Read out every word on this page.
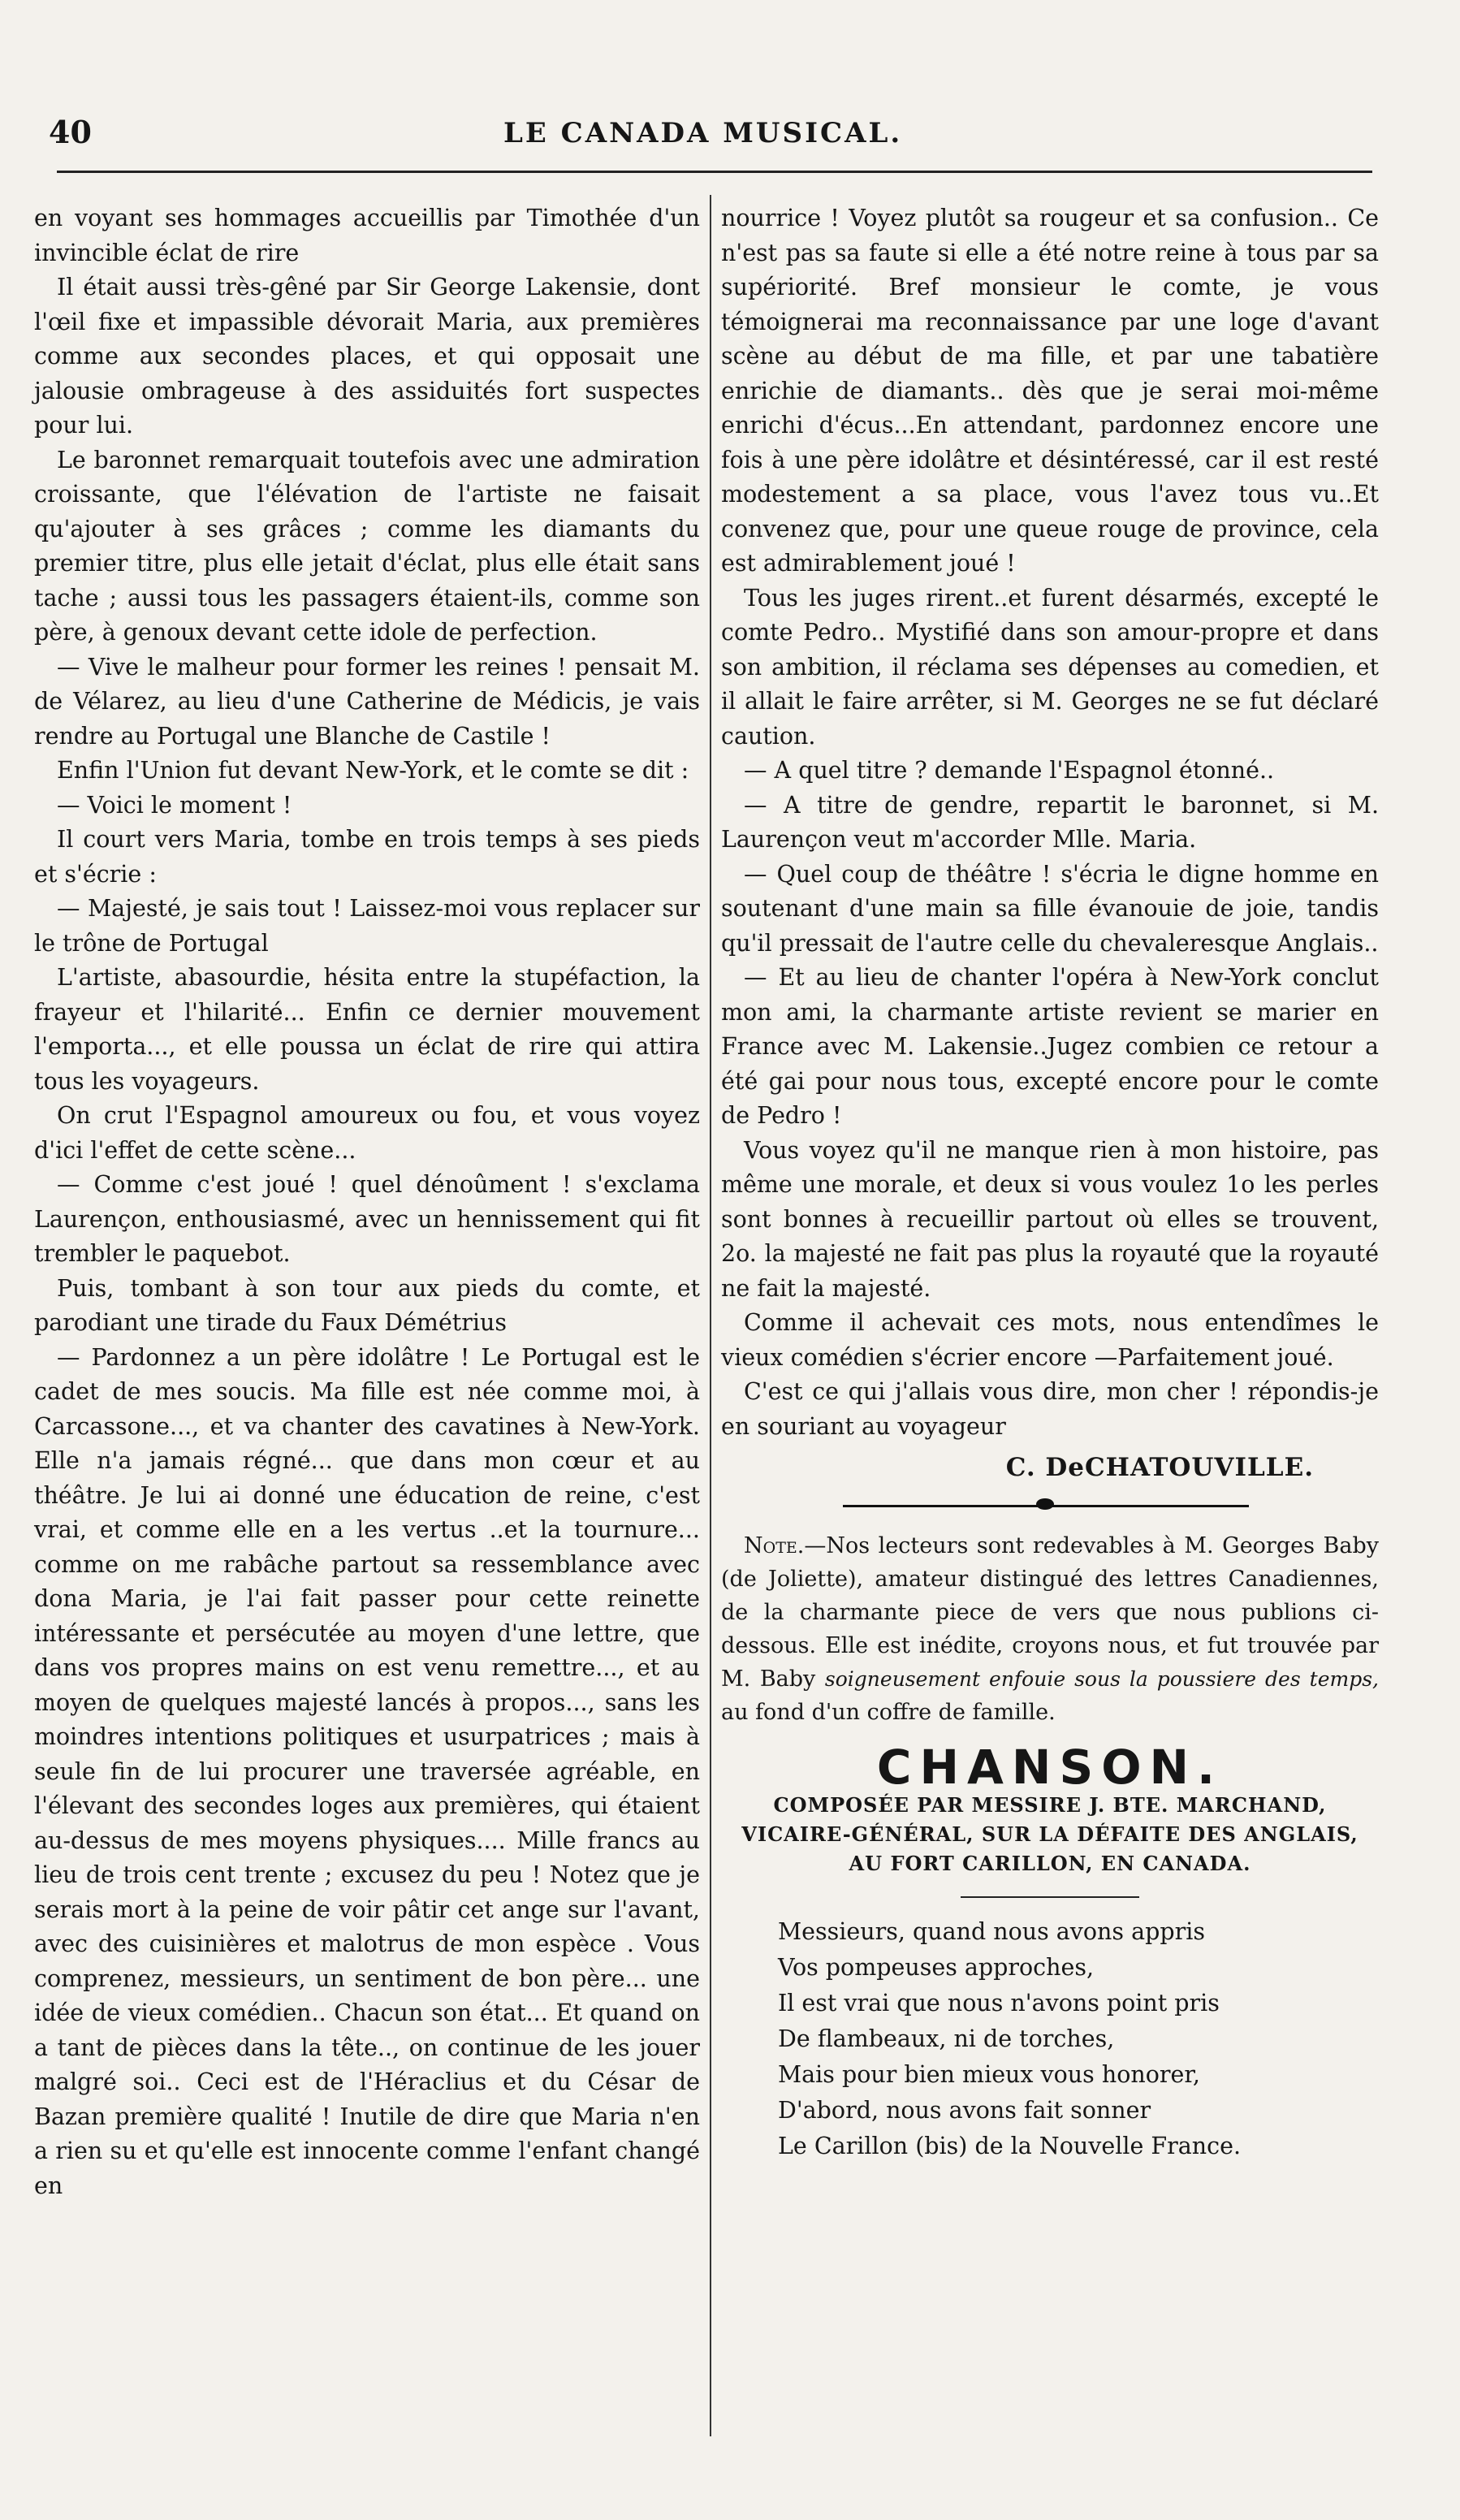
40	LE CANADA MUSICAL.

en voyant ses hommages accueillis par Timothée d'un invincible éclat de rire

Il était aussi très-gêné par Sir George Lakensie, dont l'œil fixe et impassible dévorait Maria, aux premières comme aux secondes places, et qui opposait une jalousie ombrageuse à des assiduités fort suspectes pour lui.

Le baronnet remarquait toutefois avec une admiration croissante, que l'élévation de l'artiste ne faisait qu'ajouter à ses grâces ; comme les diamants du premier titre, plus elle jetait d'éclat, plus elle était sans tache ; aussi tous les passagers étaient-ils, comme son père, à genoux devant cette idole de perfection.

— Vive le malheur pour former les reines ! pensait M. de Vélarez, au lieu d'une Catherine de Médicis, je vais rendre au Portugal une Blanche de Castile !

Enfin l'Union fut devant New-York, et le comte se dit :

— Voici le moment !

Il court vers Maria, tombe en trois temps à ses pieds et s'écrie :

— Majesté, je sais tout ! Laissez-moi vous replacer sur le trône de Portugal

L'artiste, abasourdie, hésita entre la stupéfaction, la frayeur et l'hilarité... Enfin ce dernier mouvement l'emporta..., et elle poussa un éclat de rire qui attira tous les voyageurs.

On crut l'Espagnol amoureux ou fou, et vous voyez d'ici l'effet de cette scène...

— Comme c'est joué ! quel dénoûment ! s'exclama Laurençon, enthousiasmé, avec un hennissement qui fit trembler le paquebot.

Puis, tombant à son tour aux pieds du comte, et parodiant une tirade du Faux Démétrius

— Pardonnez a un père idolâtre ! Le Portugal est le cadet de mes soucis. Ma fille est née comme moi, à Carcassone..., et va chanter des cavatines à New-York. Elle n'a jamais régné... que dans mon cœur et au théâtre. Je lui ai donné une éducation de reine, c'est vrai, et comme elle en a les vertus ..et la tournure... comme on me rabâche partout sa ressemblance avec dona Maria, je l'ai fait passer pour cette reinette intéressante et persécutée au moyen d'une lettre, que dans vos propres mains on est venu remettre..., et au moyen de quelques majesté lancés à propos..., sans les moindres intentions politiques et usurpatrices ; mais à seule fin de lui procurer une traversée agréable, en l'élevant des secondes loges aux premières, qui étaient au-dessus de mes moyens physiques.... Mille francs au lieu de trois cent trente ; excusez du peu ! Notez que je serais mort à la peine de voir pâtir cet ange sur l'avant, avec des cuisinières et malotrus de mon espèce . Vous comprenez, messieurs, un sentiment de bon père... une idée de vieux comédien.. Chacun son état... Et quand on a tant de pièces dans la tête.., on continue de les jouer malgré soi.. Ceci est de l'Héraclius et du César de Bazan première qualité ! Inutile de dire que Maria n'en a rien su et qu'elle est innocente comme l'enfant changé en

nourrice ! Voyez plutôt sa rougeur et sa confusion.. Ce n'est pas sa faute si elle a été notre reine à tous par sa supériorité. Bref monsieur le comte, je vous témoignerai ma reconnaissance par une loge d'avant scène au début de ma fille, et par une tabatière enrichie de diamants.. dès que je serai moi-même enrichi d'écus...En attendant, pardonnez encore une fois à une père idolâtre et désintéressé, car il est resté modestement a sa place, vous l'avez tous vu..Et convenez que, pour une queue rouge de province, cela est admirablement joué !

Tous les juges rirent..et furent désarmés, excepté le comte Pedro.. Mystifié dans son amour-propre et dans son ambition, il réclama ses dépenses au comedien, et il allait le faire arrêter, si M. Georges ne se fut déclaré caution.

— A quel titre ? demande l'Espagnol étonné..

— A titre de gendre, repartit le baronnet, si M. Laurençon veut m'accorder Mlle. Maria.

— Quel coup de théâtre ! s'écria le digne homme en soutenant d'une main sa fille évanouie de joie, tandis qu'il pressait de l'autre celle du chevaleresque Anglais..

— Et au lieu de chanter l'opéra à New-York conclut mon ami, la charmante artiste revient se marier en France avec M. Lakensie..Jugez combien ce retour a été gai pour nous tous, excepté encore pour le comte de Pedro !

Vous voyez qu'il ne manque rien à mon histoire, pas même une morale, et deux si vous voulez 1o les perles sont bonnes à recueillir partout où elles se trouvent, 2o. la majesté ne fait pas plus la royauté que la royauté ne fait la majesté.

Comme il achevait ces mots, nous entendîmes le vieux comédien s'écrier encore —Parfaitement joué.

C'est ce qui j'allais vous dire, mon cher ! répondis-je en souriant au voyageur

C. DeCHATOUVILLE.

Note.—Nos lecteurs sont redevables à M. Georges Baby (de Joliette), amateur distingué des lettres Canadiennes, de la charmante piece de vers que nous publions ci-dessous. Elle est inédite, croyons nous, et fut trouvée par M. Baby soigneusement enfouie sous la poussiere des temps, au fond d'un coffre de famille.

CHANSON.
COMPOSÉE PAR MESSIRE J. BTE. MARCHAND, VICAIRE-GÉNÉRAL, SUR LA DÉFAITE DES ANGLAIS, AU FORT CARILLON, EN CANADA.
Messieurs, quand nous avons appris
Vos pompeuses approches,
Il est vrai que nous n'avons point pris
De flambeaux, ni de torches,
Mais pour bien mieux vous honorer,
D'abord, nous avons fait sonner
Le Carillon (bis) de la Nouvelle France.
